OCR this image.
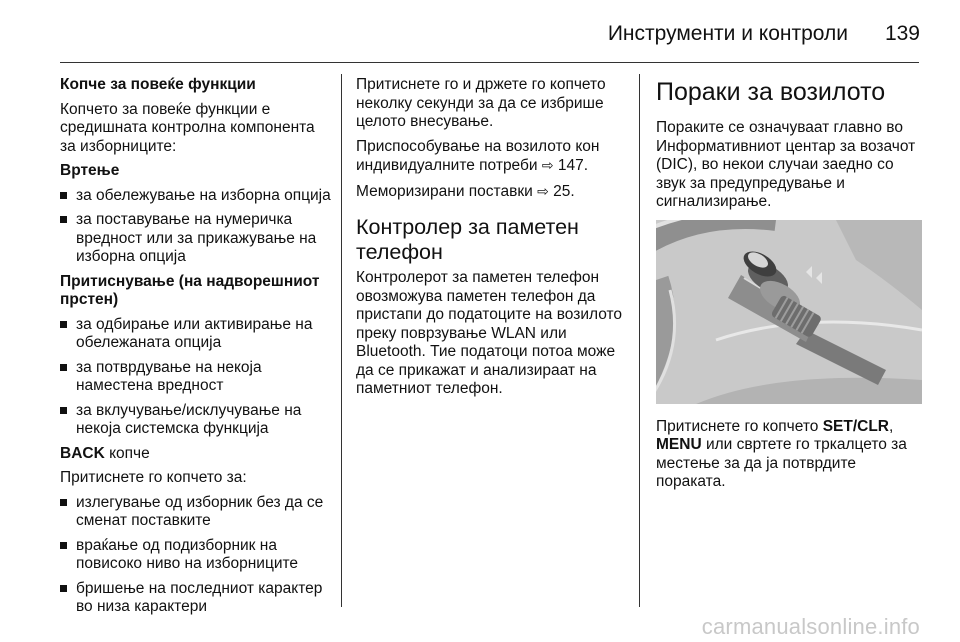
Инструменти и контроли 139
Копче за повеќе функции
Копчето за повеќе функции е средишната контролна компонента за изборниците:
Вртење
за обележување на изборна опција
за поставување на нумеричка вредност или за прикажување на изборна опција
Притиснување (на надворешниот прстен)
за одбирање или активирање на обележаната опција
за потврдување на некоја наместена вредност
за вклучување/исклучување на некоја системска функција
BACK копче
Притиснете го копчето за:
излегување од изборник без да се сменат поставките
враќање од подизборник на повисоко ниво на изборниците
бришење на последниот карактер во низа карактери
Притиснете го и држете го копчето неколку секунди за да се избрише целото внесување.
Приспособување на возилото кон индивидуалните потреби ⇨ 147.
Меморизирани поставки ⇨ 25.
Контролер за паметен телефон
Контролерот за паметен телефон овозможува паметен телефон да пристапи до податоците на возилото преку поврзување WLAN или Bluetooth. Тие податоци потоа може да се прикажат и анализираат на паметниот телефон.
Пораки за возилото
Пораките се означуваат главно во Информативниот центар за возачот (DIC), во некои случаи заедно со звук за предупредување и сигнализирање.
Притиснете го копчето SET/CLR, MENU или свртете го тркалцето за местење за да ја потврдите пораката.
carmanualsonline.info
